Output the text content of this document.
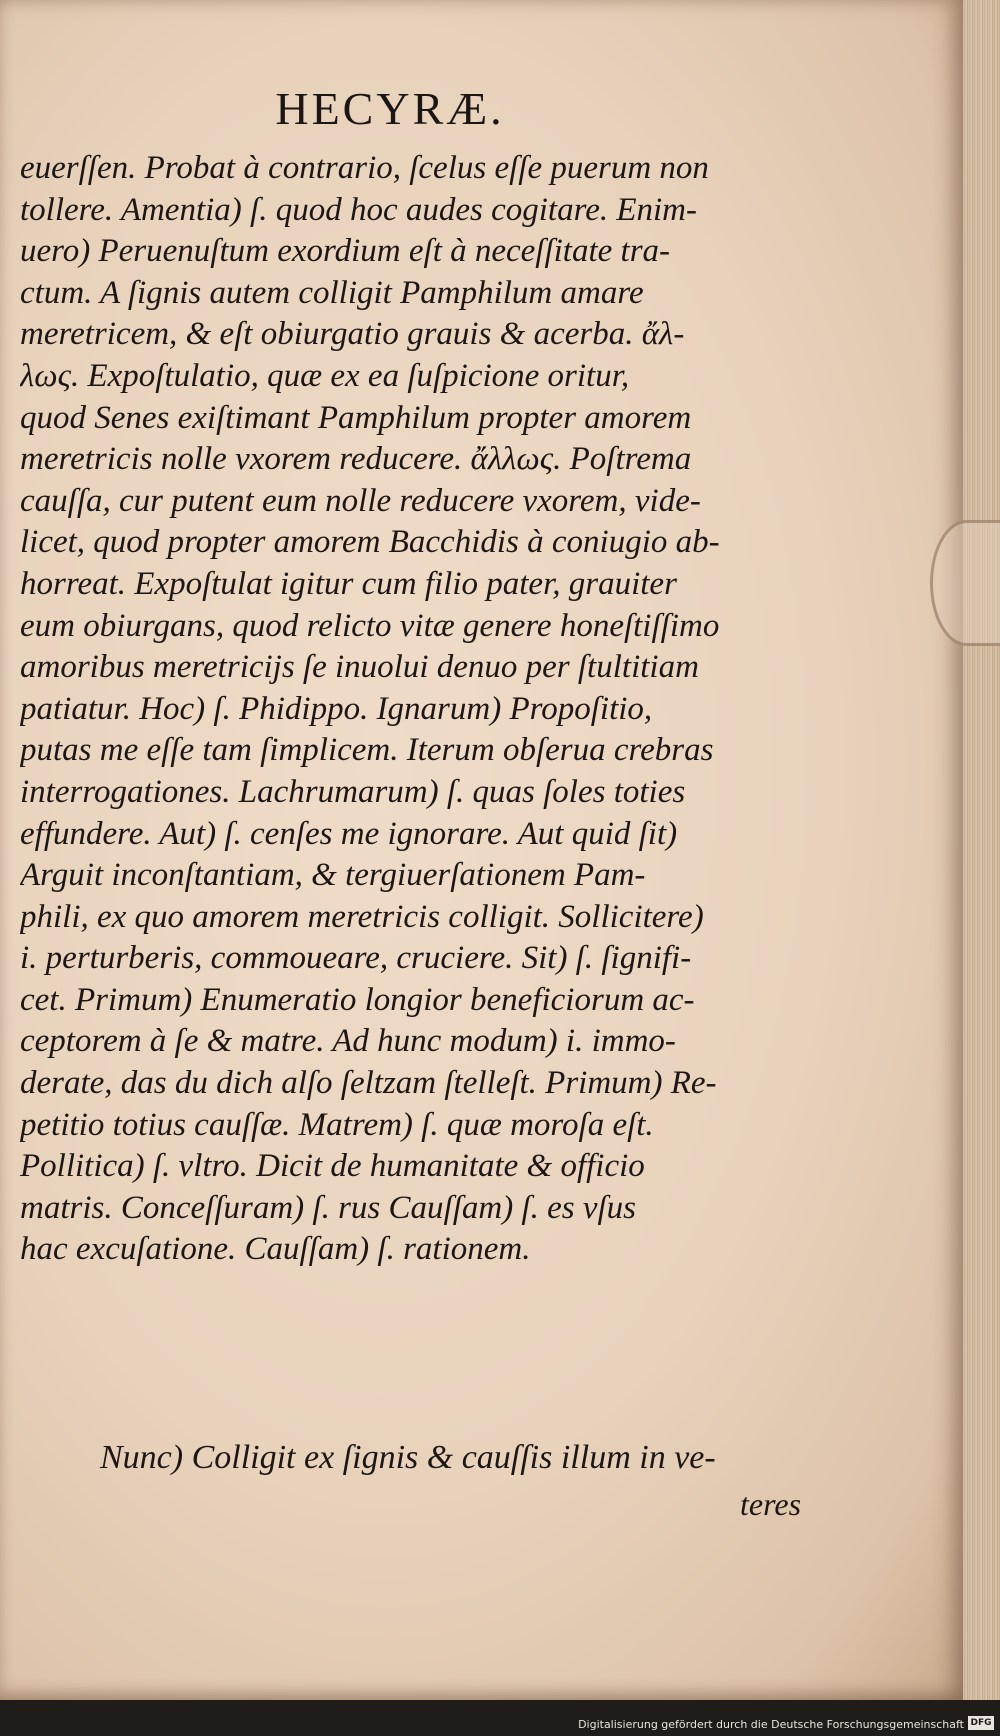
HECYRÆ.
euerſſen. Probat à contrario, ſcelus eſſe puerum non
tollere. Amentia) ſ. quod hoc audes cogitare. Enim-
uero) Peruenuſtum exordium eſt à neceſſitate tra-
ctum. A ſignis autem colligit Pamphilum amare
meretricem, & eſt obiurgatio grauis & acerba. ἄλ-
λως. Expoſtulatio, quæ ex ea ſuſpicione oritur,
quod Senes exiſtimant Pamphilum propter amorem
meretricis nolle vxorem reducere. ἄλλως. Poſtrema
cauſſa, cur putent eum nolle reducere vxorem, vide-
licet, quod propter amorem Bacchidis à coniugio ab-
horreat. Expoſtulat igitur cum filio pater, grauiter
eum obiurgans, quod relicto vitæ genere honeſtiſſimo
amoribus meretricijs ſe inuolui denuo per ſtultitiam
patiatur. Hoc) ſ. Phidippo. Ignarum) Propoſitio,
putas me eſſe tam ſimplicem. Iterum obſerua crebras
interrogationes. Lachrumarum) ſ. quas ſoles toties
effundere. Aut) ſ. cenſes me ignorare. Aut quid ſit)
Arguit inconſtantiam, & tergiuerſationem Pam-
phili, ex quo amorem meretricis colligit. Sollicitere)
i. perturberis, commoueare, cruciere. Sit) ſ. ſignifi-
cet. Primum) Enumeratio longior beneficiorum ac-
ceptorem à ſe & matre. Ad hunc modum) i. immo-
derate, das du dich alſo ſeltzam ſtelleſt. Primum) Re-
petitio totius cauſſæ. Matrem) ſ. quæ moroſa eſt.
Pollitica) ſ. vltro. Dicit de humanitate & officio
matris. Conceſſuram) ſ. rus Cauſſam) ſ. es vſus
hac excuſatione. Cauſſam) ſ. rationem.
Nunc) Colligit ex ſignis & cauſſis illum in ve-
teres
Digitalisierung gefördert durch die Deutsche Forschungsgemeinschaft DFG
